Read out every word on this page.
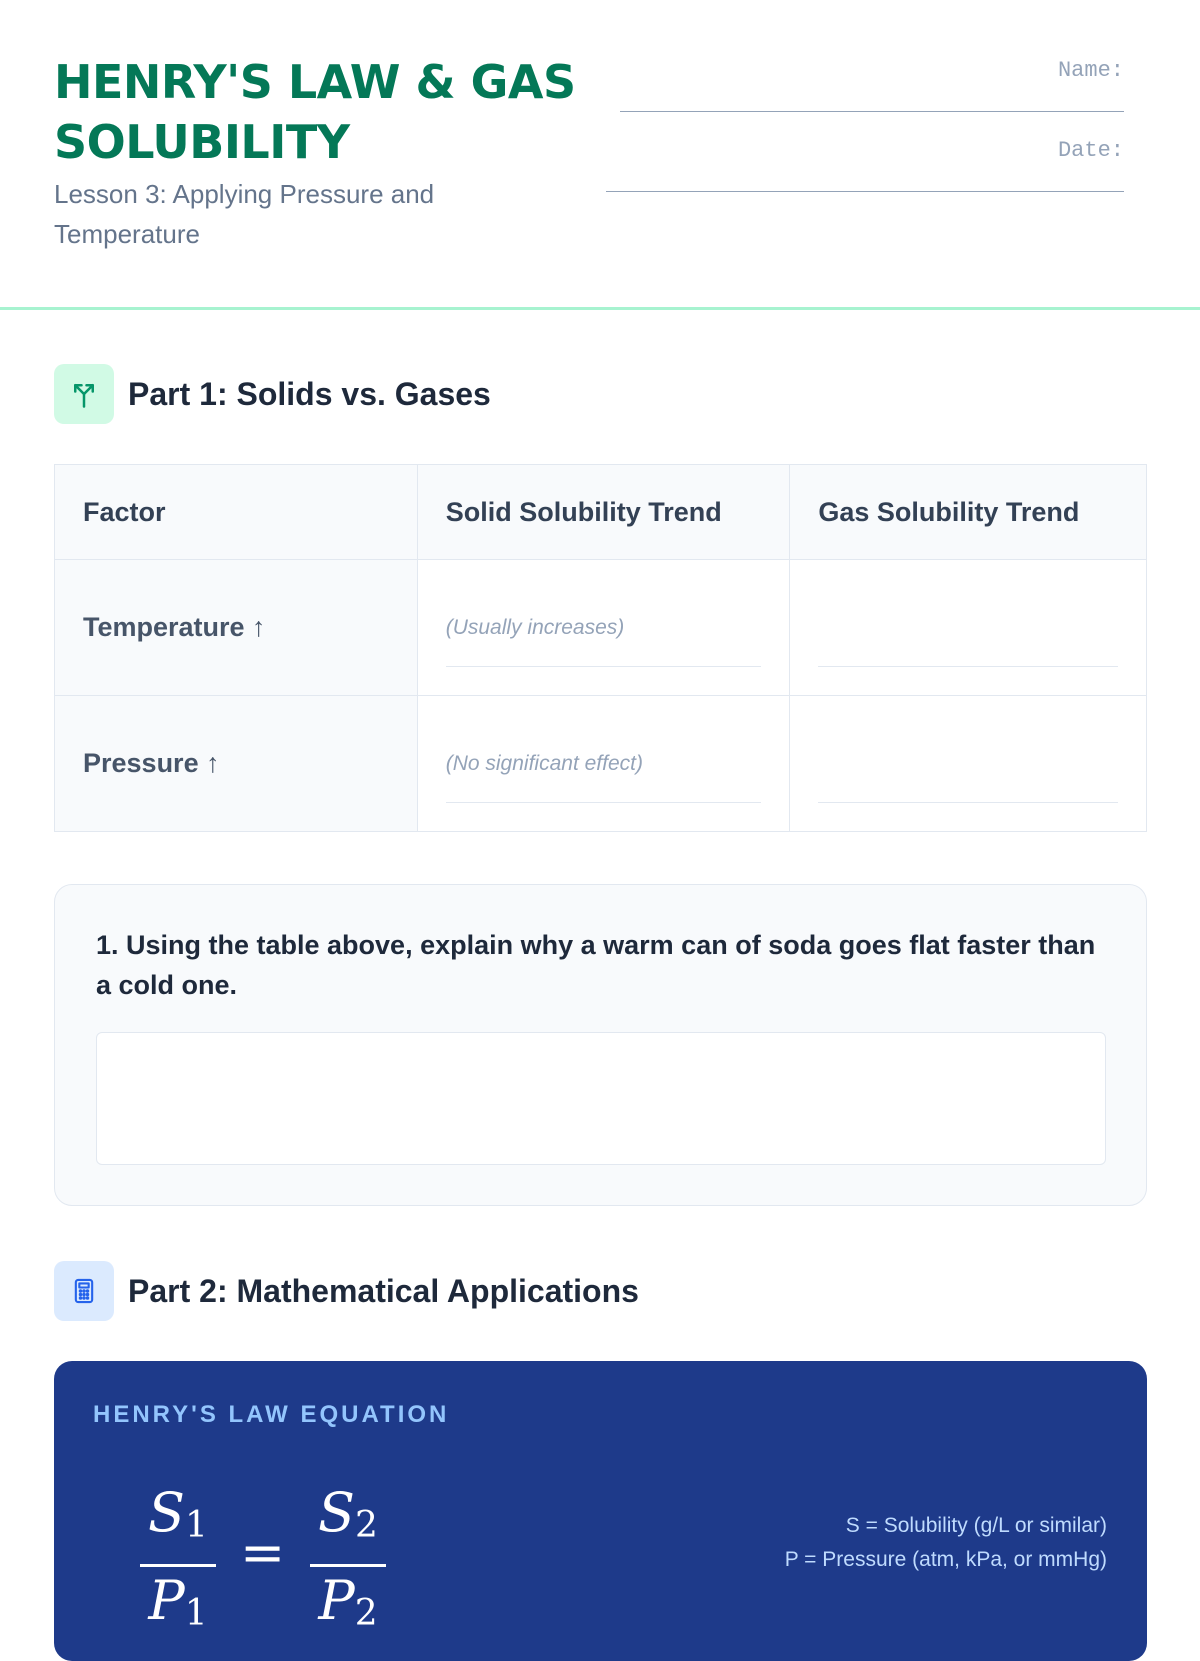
HENRY'S LAW & GAS SOLUBILITY
Lesson 3: Applying Pressure and Temperature
Name:
Date:
Part 1: Solids vs. Gases
Factor	Solid Solubility Trend	Gas Solubility Trend
Temperature ↑	(Usually increases)	

Pressure ↑	(No significant effect)	

1. Using the table above, explain why a warm can of soda goes flat faster than a cold one.
Part 2: Mathematical Applications
HENRY'S LAW EQUATION
$S_1$
$P_1$
=
$S_2$
$P_2$
S = Solubility (g/L or similar)
P = Pressure (atm, kPa, or mmHg)
